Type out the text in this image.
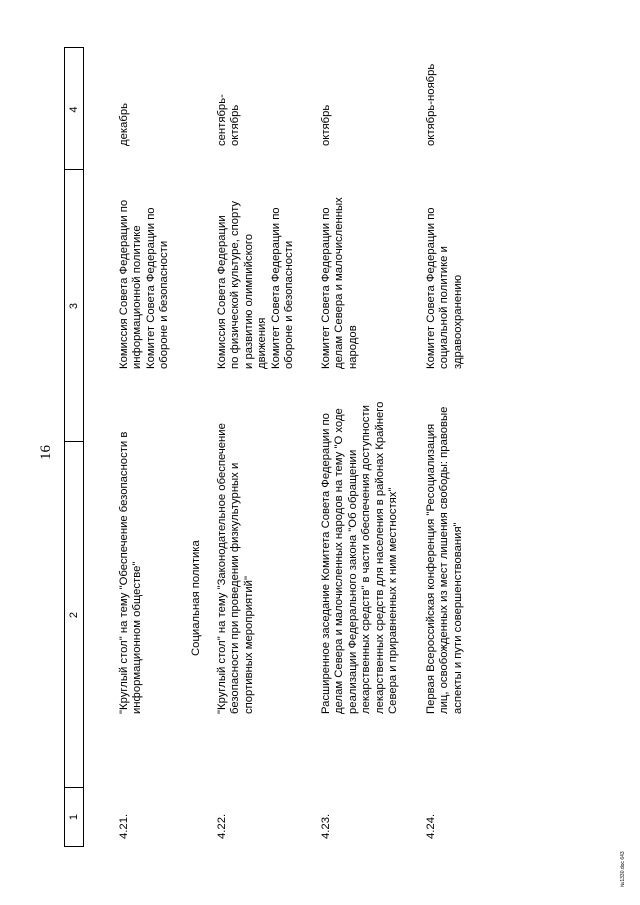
16
1
2
3
4
4.21.
"Круглый стол" на тему "Обеспечение безопасности в информационном обществе"
Комиссия Совета Федерации по информационной политике Комитет Совета Федерации по обороне и безопасности
декабрь
Социальная политика
4.22.
"Круглый стол" на тему "Законодательное обеспечение безопасности при проведении физкультурных и спортивных мероприятий"
Комиссия Совета Федерации по физической культуре, спорту и развитию олимпийского движения Комитет Совета Федерации по обороне и безопасности
сентябрь- октябрь
4.23.
Расширенное заседание Комитета Совета Федерации по делам Севера и малочисленных народов на тему "О ходе реализации Федерального закона "Об обращении лекарственных средств" в части обеспечения доступности лекарственных средств для населения в районах Крайнего Севера и приравненных к ним местностях"
Комитет Совета Федерации по делам Севера и малочисленных народов
октябрь
4.24.
Первая Всероссийская конференция "Ресоциализация лиц, освобожденных из мест лишения свободы: правовые аспекты и пути совершенствования"
Комитет Совета Федерации по социальной политике и здравоохранению
октябрь-ноябрь
№1330.doc 643
